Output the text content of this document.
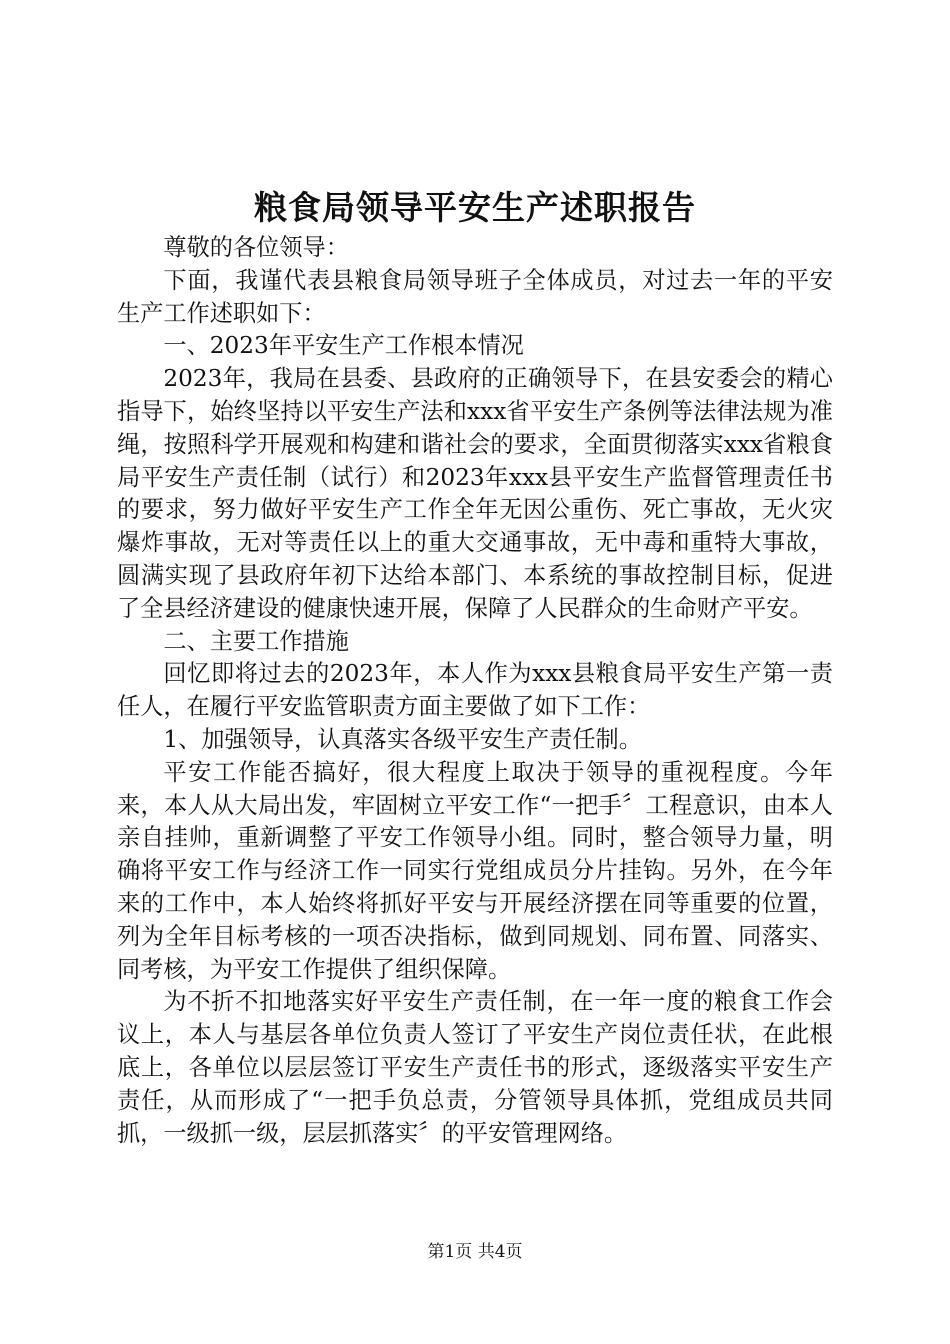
粮食局领导平安生产述职报告

尊敬的各位领导：

下面，我谨代表县粮食局领导班子全体成员，对过去一年的平安生产工作述职如下：

一、2023年平安生产工作根本情况

2023年，我局在县委、县政府的正确领导下，在县安委会的精心指导下，始终坚持以平安生产法和xxx省平安生产条例等法律法规为准绳，按照科学开展观和构建和谐社会的要求，全面贯彻落实xxx省粮食局平安生产责任制（试行）和2023年xxx县平安生产监督管理责任书的要求，努力做好平安生产工作全年无因公重伤、死亡事故，无火灾爆炸事故，无对等责任以上的重大交通事故，无中毒和重特大事故，圆满实现了县政府年初下达给本部门、本系统的事故控制目标，促进了全县经济建设的健康快速开展，保障了人民群众的生命财产平安。

二、主要工作措施

回忆即将过去的2023年，本人作为xxx县粮食局平安生产第一责任人，在履行平安监管职责方面主要做了如下工作：

1、加强领导，认真落实各级平安生产责任制。

平安工作能否搞好，很大程度上取决于领导的重视程度。今年来，本人从大局出发，牢固树立平安工作“一把手〞工程意识，由本人亲自挂帅，重新调整了平安工作领导小组。同时，整合领导力量，明确将平安工作与经济工作一同实行党组成员分片挂钩。另外，在今年来的工作中，本人始终将抓好平安与开展经济摆在同等重要的位置，列为全年目标考核的一项否决指标，做到同规划、同布置、同落实、同考核，为平安工作提供了组织保障。

为不折不扣地落实好平安生产责任制，在一年一度的粮食工作会议上，本人与基层各单位负责人签订了平安生产岗位责任状，在此根底上，各单位以层层签订平安生产责任书的形式，逐级落实平安生产责任，从而形成了“一把手负总责，分管领导具体抓，党组成员共同抓，一级抓一级，层层抓落实〞的平安管理网络。

第1页 共4页
